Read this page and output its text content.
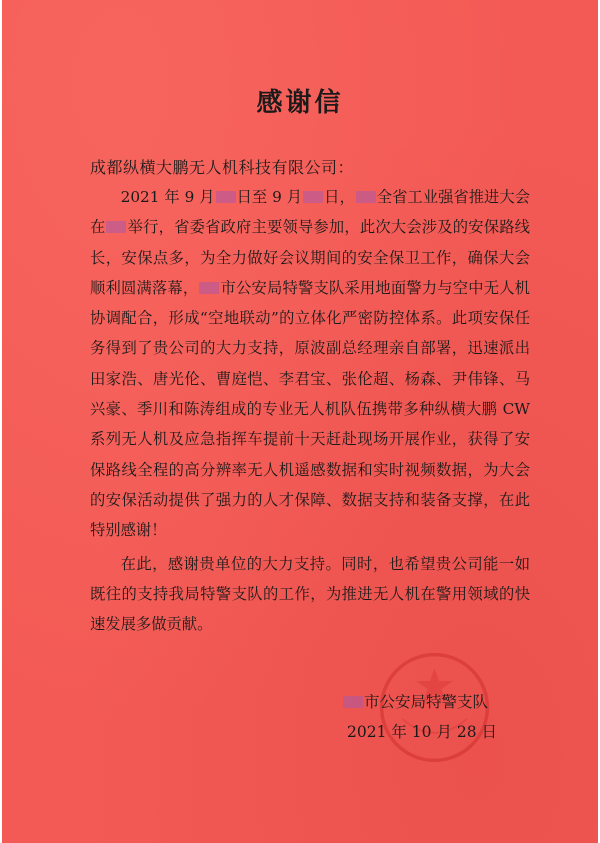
感谢信
成都纵横大鹏无人机科技有限公司：

2021 年 9 月 日至 9 月 日， 全省工业强省推进大会在 举行，省委省政府主要领导参加，此次大会涉及的安保路线长，安保点多，为全力做好会议期间的安全保卫工作，确保大会顺利圆满落幕， 市公安局特警支队采用地面警力与空中无人机协调配合，形成“空地联动”的立体化严密防控体系。此项安保任务得到了贵公司的大力支持，原波副总经理亲自部署，迅速派出田家浩、唐光伦、曹庭恺、李君宝、张伦超、杨森、尹伟锋、马兴豪、季川和陈涛组成的专业无人机队伍携带多种纵横大鹏 CW 系列无人机及应急指挥车提前十天赶赴现场开展作业，获得了安保路线全程的高分辨率无人机遥感数据和实时视频数据，为大会的安保活动提供了强力的人才保障、数据支持和装备支撑，在此特别感谢！

在此，感谢贵单位的大力支持。同时，也希望贵公司能一如既往的支持我局特警支队的工作，为推进无人机在警用领域的快速发展多做贡献。

市公安局特警支队
2021 年 10 月 28 日
